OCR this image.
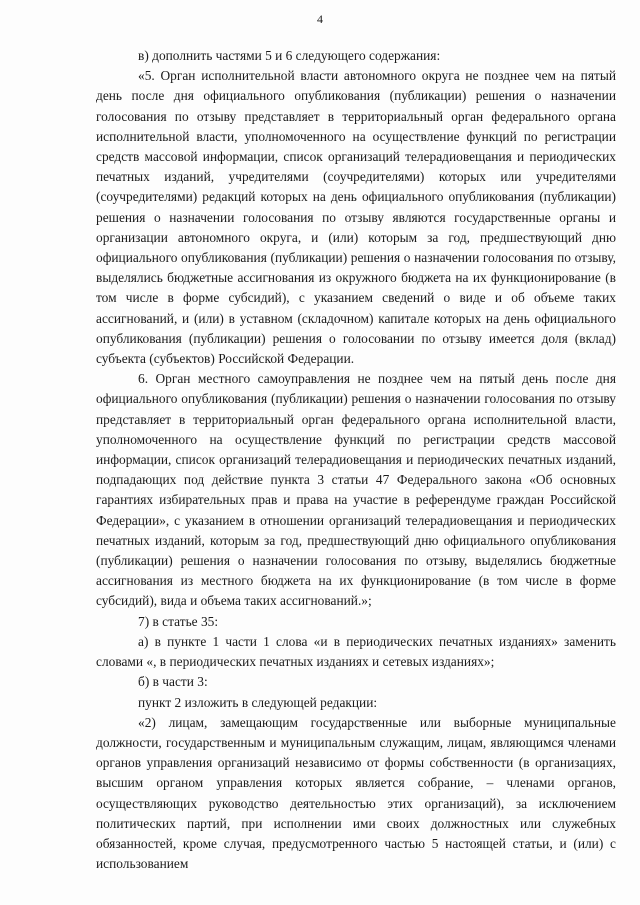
4

в) дополнить частями 5 и 6 следующего содержания:

«5. Орган исполнительной власти автономного округа не позднее чем на пятый день после дня официального опубликования (публикации) решения о назначении голосования по отзыву представляет в территориальный орган федерального органа исполнительной власти, уполномоченного на осуществление функций по регистрации средств массовой информации, список организаций телерадиовещания и периодических печатных изданий, учредителями (соучредителями) которых или учредителями (соучредителями) редакций которых на день официального опубликования (публикации) решения о назначении голосования по отзыву являются государственные органы и организации автономного округа, и (или) которым за год, предшествующий дню официального опубликования (публикации) решения о назначении голосования по отзыву, выделялись бюджетные ассигнования из окружного бюджета на их функционирование (в том числе в форме субсидий), с указанием сведений о виде и об объеме таких ассигнований, и (или) в уставном (складочном) капитале которых на день официального опубликования (публикации) решения о голосовании по отзыву имеется доля (вклад) субъекта (субъектов) Российской Федерации.

6. Орган местного самоуправления не позднее чем на пятый день после дня официального опубликования (публикации) решения о назначении голосования по отзыву представляет в территориальный орган федерального органа исполнительной власти, уполномоченного на осуществление функций по регистрации средств массовой информации, список организаций телерадиовещания и периодических печатных изданий, подпадающих под действие пункта 3 статьи 47 Федерального закона «Об основных гарантиях избирательных прав и права на участие в референдуме граждан Российской Федерации», с указанием в отношении организаций телерадиовещания и периодических печатных изданий, которым за год, предшествующий дню официального опубликования (публикации) решения о назначении голосования по отзыву, выделялись бюджетные ассигнования из местного бюджета на их функционирование (в том числе в форме субсидий), вида и объема таких ассигнований.»;

7) в статье 35:

а) в пункте 1 части 1 слова «и в периодических печатных изданиях» заменить словами «, в периодических печатных изданиях и сетевых изданиях»;

б) в части 3:

пункт 2 изложить в следующей редакции:

«2) лицам, замещающим государственные или выборные муниципальные должности, государственным и муниципальным служащим, лицам, являющимся членами органов управления организаций независимо от формы собственности (в организациях, высшим органом управления которых является собрание, – членами органов, осуществляющих руководство деятельностью этих организаций), за исключением политических партий, при исполнении ими своих должностных или служебных обязанностей, кроме случая, предусмотренного частью 5 настоящей статьи, и (или) с использованием
